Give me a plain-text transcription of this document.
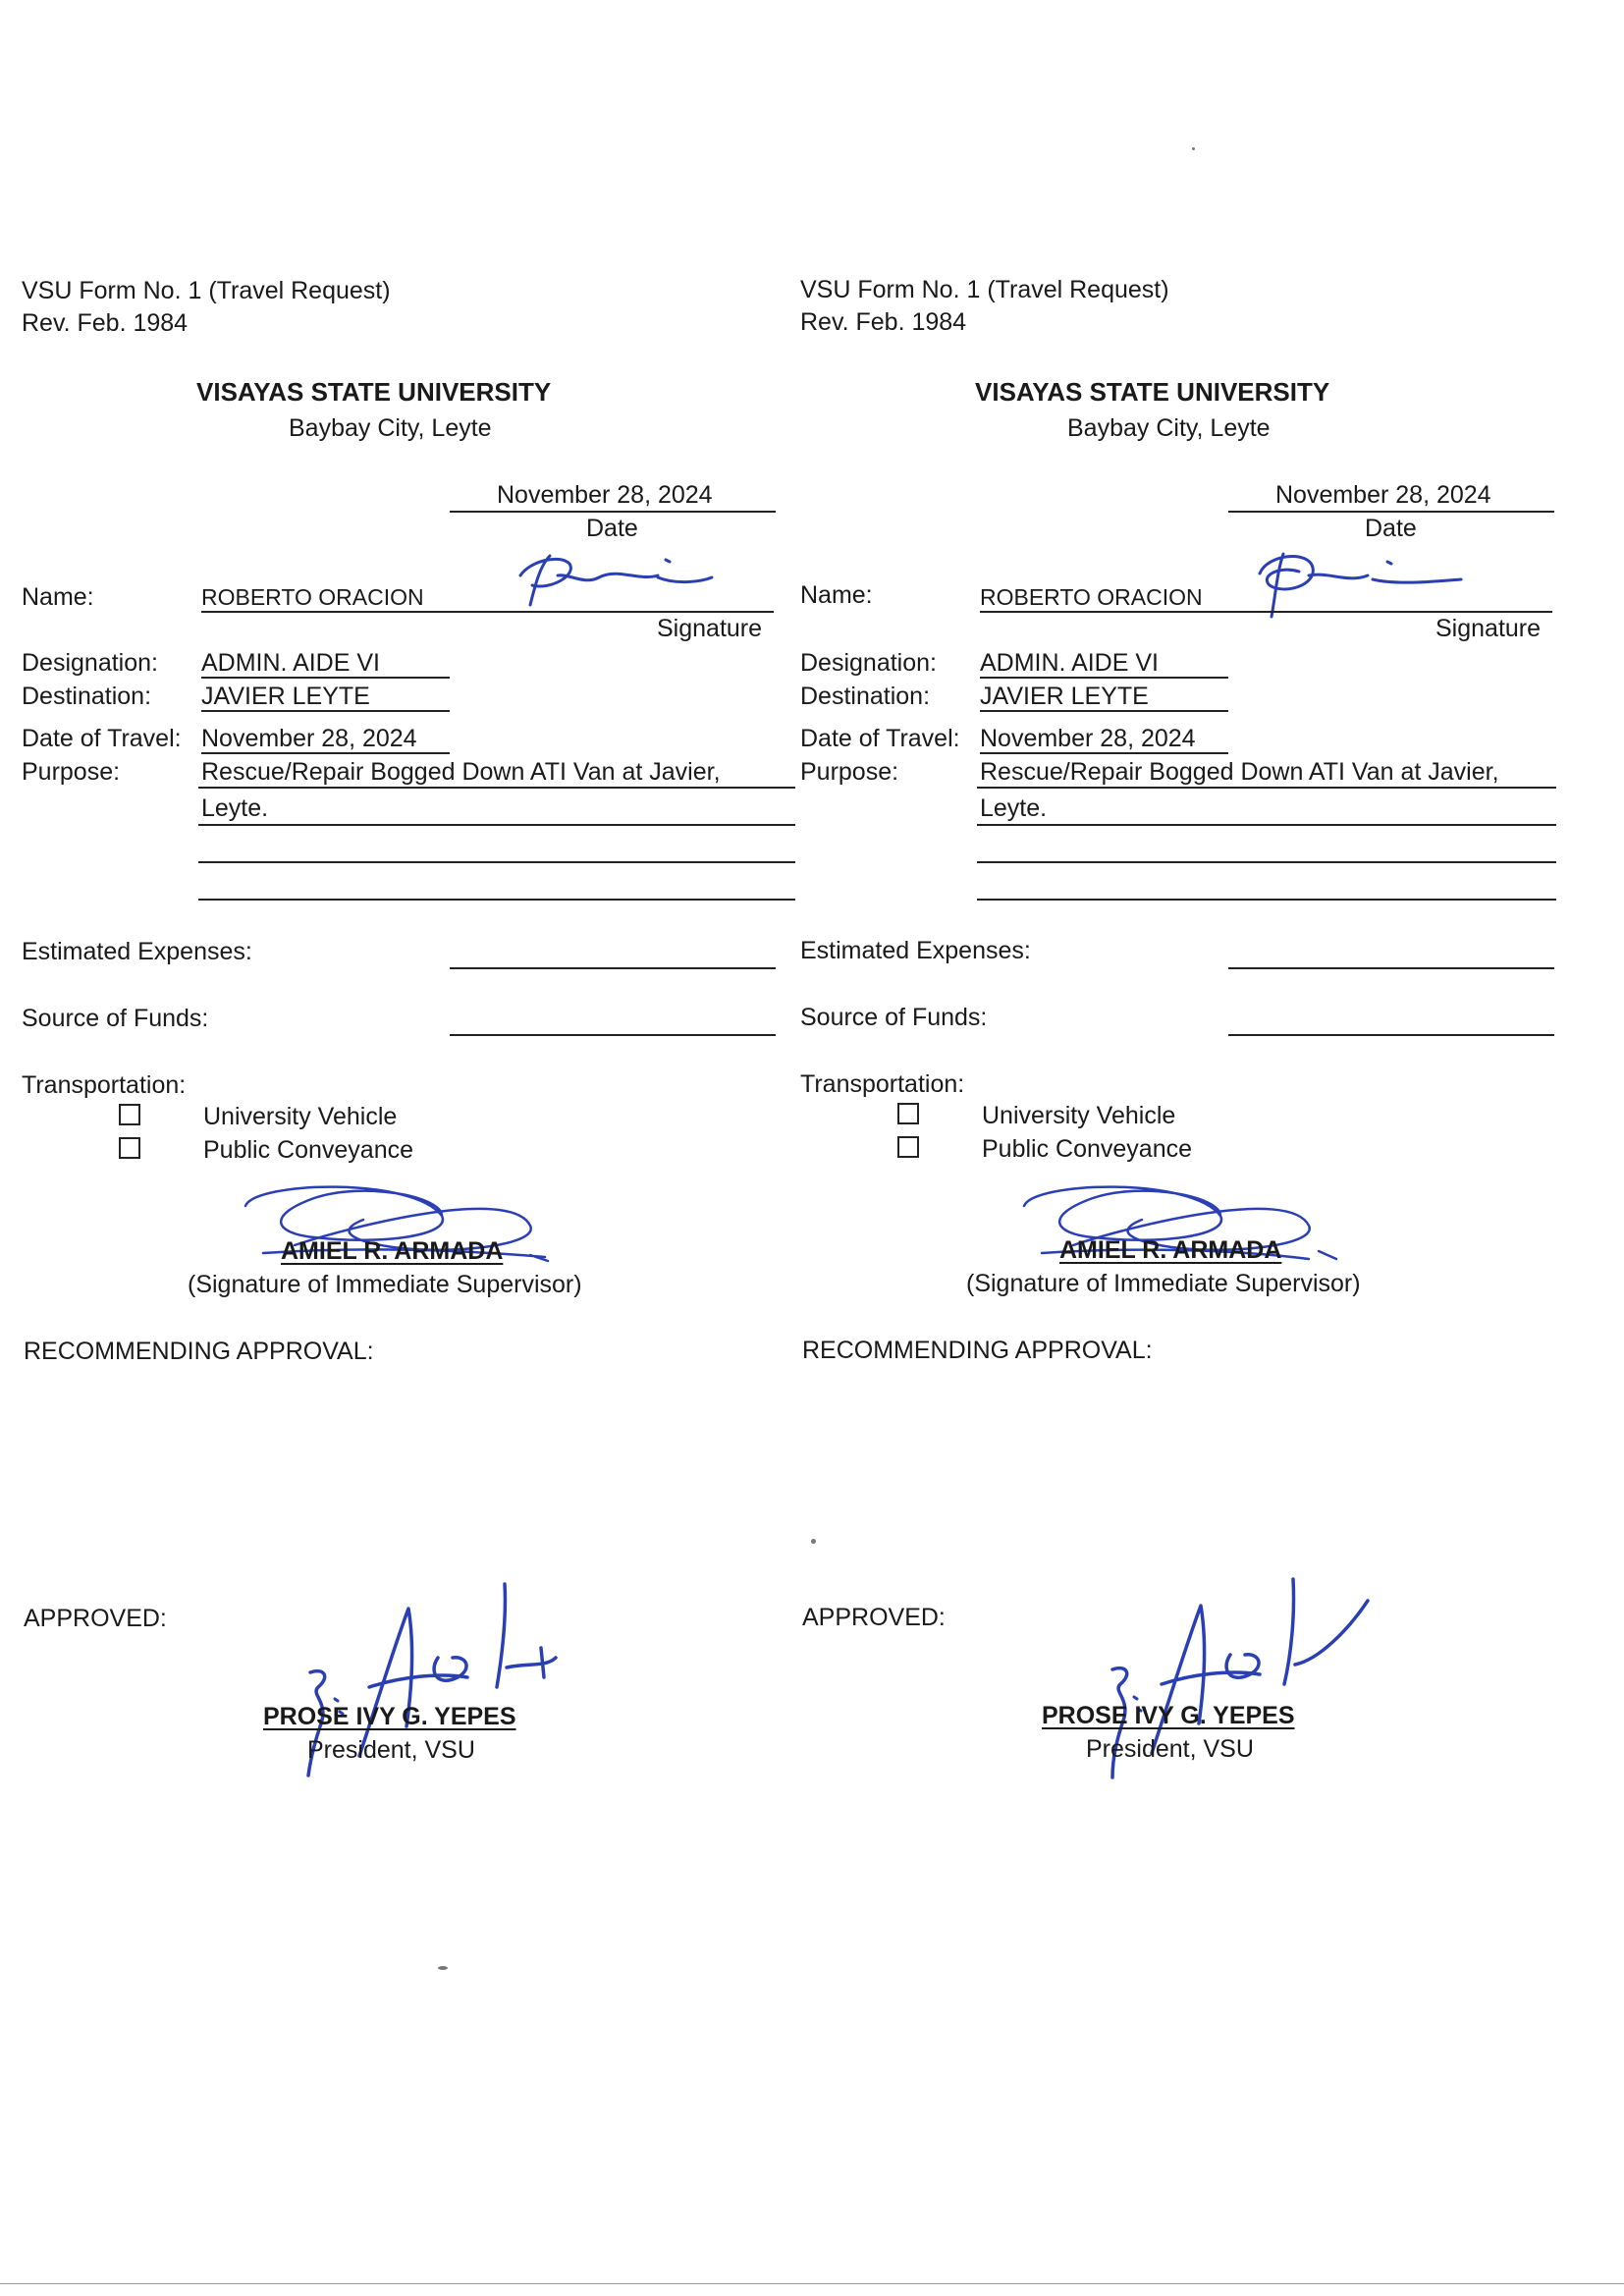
VSU Form No. 1 (Travel Request)
Rev. Feb. 1984
VISAYAS STATE UNIVERSITY
Baybay City, Leyte
November 28, 2024
Date
Name:	ROBERTO ORACION
Signature
Designation: ADMIN. AIDE VI
Destination: JAVIER LEYTE
Date of Travel: November 28, 2024
Purpose:	Rescue/Repair Bogged Down ATI Van at Javier,
Leyte.
Estimated Expenses:
Source of Funds:
Transportation:
University Vehicle
Public Conveyance
AMIEL R. ARMADA
(Signature of Immediate Supervisor)
RECOMMENDING APPROVAL:
APPROVED:
PROSE IVY G. YEPES
President, VSU
VSU Form No. 1 (Travel Request)
Rev. Feb. 1984
VISAYAS STATE UNIVERSITY
Baybay City, Leyte
November 28, 2024
Date
Name:	ROBERTO ORACION
Signature
Designation: ADMIN. AIDE VI
Destination: JAVIER LEYTE
Date of Travel: November 28, 2024
Purpose:	Rescue/Repair Bogged Down ATI Van at Javier,
Leyte.
Estimated Expenses:
Source of Funds:
Transportation:
University Vehicle
Public Conveyance
AMIEL R. ARMADA
(Signature of Immediate Supervisor)
RECOMMENDING APPROVAL:
APPROVED:
PROSE IVY G. YEPES
President, VSU
